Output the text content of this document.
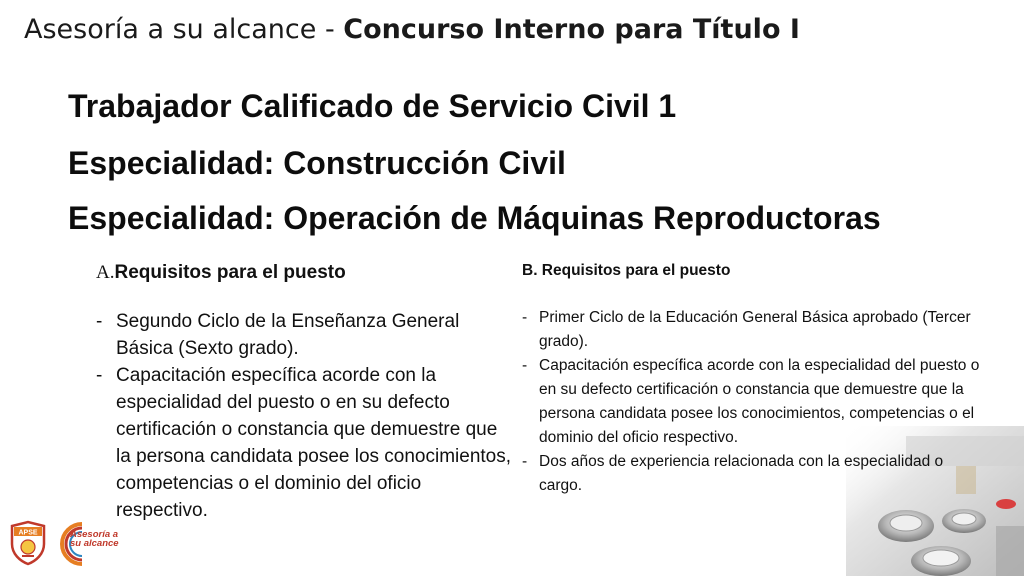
Asesoría a su alcance - Concurso Interno para Título I
Trabajador Calificado de Servicio Civil 1
Especialidad: Construcción Civil
Especialidad: Operación de Máquinas Reproductoras
A.Requisitos para el puesto
- Segundo Ciclo de la Enseñanza General Básica (Sexto grado).
- Capacitación específica acorde con la especialidad del puesto o en su defecto certificación o constancia que demuestre que la persona candidata posee los conocimientos, competencias o el dominio del oficio respectivo.
B. Requisitos para el puesto
- Primer Ciclo de la Educación General Básica aprobado (Tercer grado).
- Capacitación específica acorde con la especialidad del puesto o en su defecto certificación o constancia que demuestre que la persona candidata posee los conocimientos, competencias o el dominio del oficio respectivo.
- Dos años de experiencia relacionada con la especialidad o cargo.
APSE	Asesoría a
su alcance
